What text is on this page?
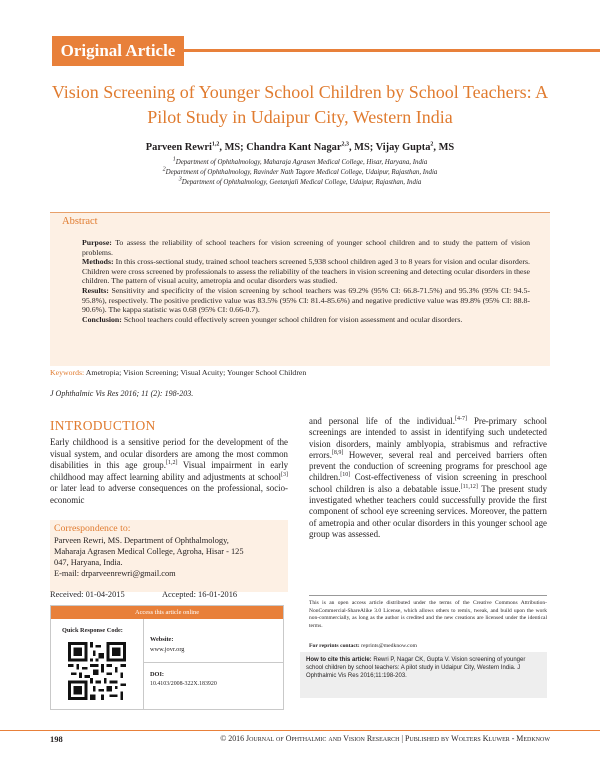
Original Article
Vision Screening of Younger School Children by School Teachers: A Pilot Study in Udaipur City, Western India
Parveen Rewri$^{1,2}$, MS; Chandra Kant Nagar$^{2,3}$, MS; Vijay Gupta$^2$, MS
$^1$Department of Ophthalmology, Maharaja Agrasen Medical College, Hisar, Haryana, India
$^2$Department of Ophthalmology, Ravinder Nath Tagore Medical College, Udaipur, Rajasthan, India
$^3$Department of Ophthalmology, Geetanjali Medical College, Udaipur, Rajasthan, India
Abstract

Purpose: To assess the reliability of school teachers for vision screening of younger school children and to study the pattern of vision problems.

Methods: In this cross-sectional study, trained school teachers screened 5,938 school children aged 3 to 8 years for vision and ocular disorders. Children were cross screened by professionals to assess the reliability of the teachers in vision screening and detecting ocular disorders in these children. The pattern of visual acuity, ametropia and ocular disorders was studied.

Results: Sensitivity and specificity of the vision screening by school teachers was 69.2% (95% CI: 66.8-71.5%) and 95.3% (95% CI: 94.5-95.8%), respectively. The positive predictive value was 83.5% (95% CI: 81.4-85.6%) and negative predictive value was 89.8% (95% CI: 88.8-90.6%). The kappa statistic was 0.68 (95% CI: 0.66-0.7).

Conclusion: School teachers could effectively screen younger school children for vision assessment and ocular disorders.

Keywords: Ametropia; Vision Screening; Visual Acuity; Younger School Children
J Ophthalmic Vis Res 2016; 11 (2): 198-203.
INTRODUCTION
Early childhood is a sensitive period for the development of the visual system, and ocular disorders are among the most common disabilities in this age group.[1,2] Visual impairment in early childhood may affect learning ability and adjustments at school[3] or later lead to adverse consequences on the professional, socio-economic
Correspondence to:
Parveen Rewri, MS. Department of Ophthalmology,
Maharaja Agrasen Medical College, Agroha, Hisar - 125
047, Haryana, India.
E-mail: drparveenrewri@gmail.com
Received: 01-04-2015	Accepted: 16-01-2016
Access this article online
Quick Response Code:
Website:
www.jovr.org
DOI:
10.4103/2008-322X.183920
and personal life of the individual.[4-7] Pre-primary school screenings are intended to assist in identifying such undetected vision disorders, mainly amblyopia, strabismus and refractive errors.[8,9] However, several real and perceived barriers often prevent the conduction of screening programs for preschool age children.[10] Cost-effectiveness of vision screening in preschool school children is also a debatable issue.[11,12] The present study investigated whether teachers could successfully provide the first component of school eye screening services. Moreover, the pattern of ametropia and other ocular disorders in this younger school age group was assessed.
This is an open access article distributed under the terms of the Creative Commons Attribution-NonCommercial-ShareAlike 3.0 License, which allows others to remix, tweak, and build upon the work non-commercially, as long as the author is credited and the new creations are licensed under the identical terms.
For reprints contact: reprints@medknow.com
How to cite this article: Rewri P, Nagar CK, Gupta V. Vision screening of younger school children by school teachers: A pilot study in Udaipur City, Western India. J Ophthalmic Vis Res 2016;11:198-203.
198	© 2016 Journal of Ophthalmic and Vision Research | Published by Wolters Kluwer - Medknow
